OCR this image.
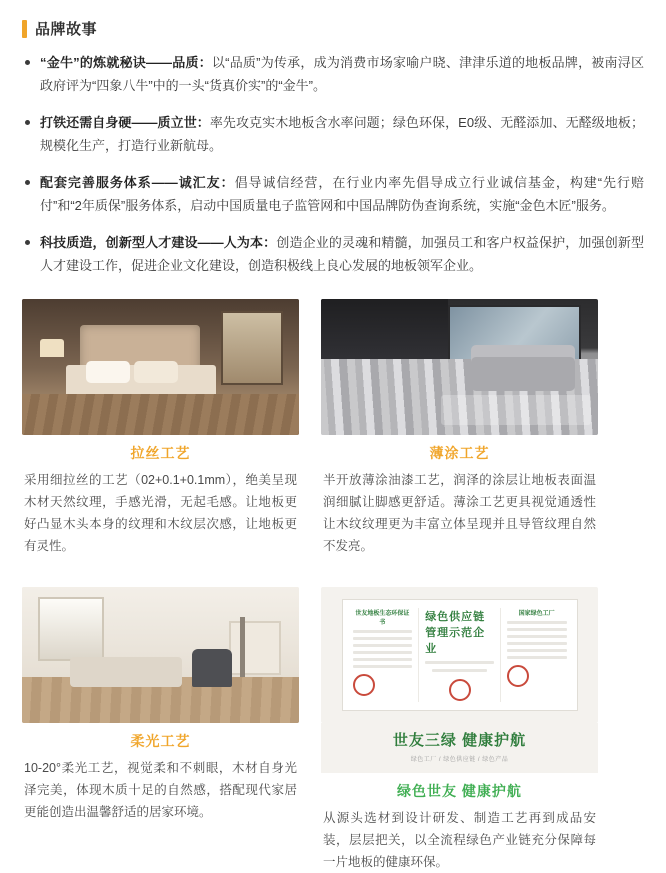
品牌故事
“金牛”的炼就秘诀——品质：以“品质”为传承，成为消费市场家喻户晓、津津乐道的地板品牌，被南浔区政府评为“四象八牛”中的一头“货真价实”的“金牛”。
打铁还需自身硬——质立世：率先攻克实木地板含水率问题；绿色环保，E0级、无醛添加、无醛级地板；规模化生产，打造行业新航母。
配套完善服务体系——诚汇友：倡导诚信经营，在行业内率先倡导成立行业诚信基金，构建“先行赔付”和“2年质保”服务体系，启动中国质量电子监管网和中国品牌防伪查询系统，实施“金色木匠”服务。
科技质造，创新型人才建设——人为本：创造企业的灵魂和精髓，加强员工和客户权益保护，加强创新型人才建设工作，促进企业文化建设，创造积极线上良心发展的地板领军企业。
拉丝工艺
采用细拉丝的工艺（02+0.1+0.1mm），绝美呈现木材天然纹理，手感光滑，无起毛感。让地板更好凸显木头本身的纹理和木纹层次感，让地板更有灵性。
薄涂工艺
半开放薄涂油漆工艺，润泽的涂层让地板表面温润细腻让脚感更舒适。薄涂工艺更具视觉通透性让木纹纹理更为丰富立体呈现并且导管纹理自然不发亮。
柔光工艺
10-20°柔光工艺，视觉柔和不刺眼，木材自身光泽完美，体现木质十足的自然感，搭配现代家居更能创造出温馨舒适的居家环境。
世友地板生态环保证书	绿色供应链管理示范企业
国家绿色工厂
世友三绿 健康护航
绿色工厂 / 绿色供应链 / 绿色产品
绿色世友 健康护航
从源头选材到设计研发、制造工艺再到成品安装，层层把关，以全流程绿色产业链充分保障每一片地板的健康环保。
